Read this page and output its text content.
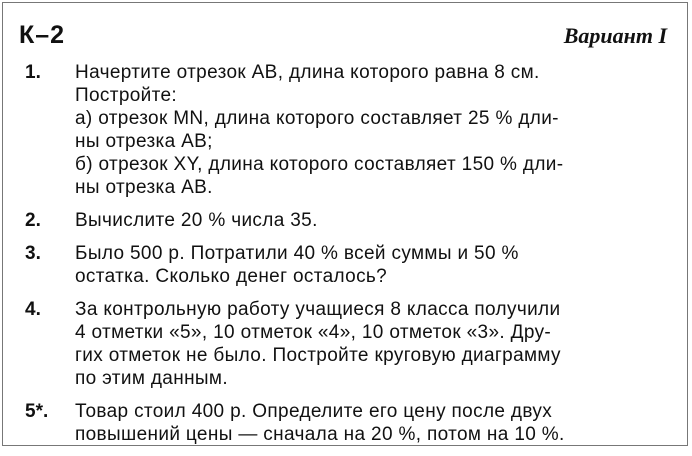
К–2	Вариант I
1. Начертите отрезок AB, длина которого равна 8 см.
Постройте:
а) отрезок MN, длина которого составляет 25 % дли-
ны отрезка AB;
б) отрезок XY, длина которого составляет 150 % дли-
ны отрезка AB.
2. Вычислите 20 % числа 35.
3. Было 500 р. Потратили 40 % всей суммы и 50 %
остатка. Сколько денег осталось?
4. За контрольную работу учащиеся 8 класса получили
4 отметки «5», 10 отметок «4», 10 отметок «3». Дру-
гих отметок не было. Постройте круговую диаграмму
по этим данным.
5*. Товар стоил 400 р. Определите его цену после двух
повышений цены — сначала на 20 %, потом на 10 %.
